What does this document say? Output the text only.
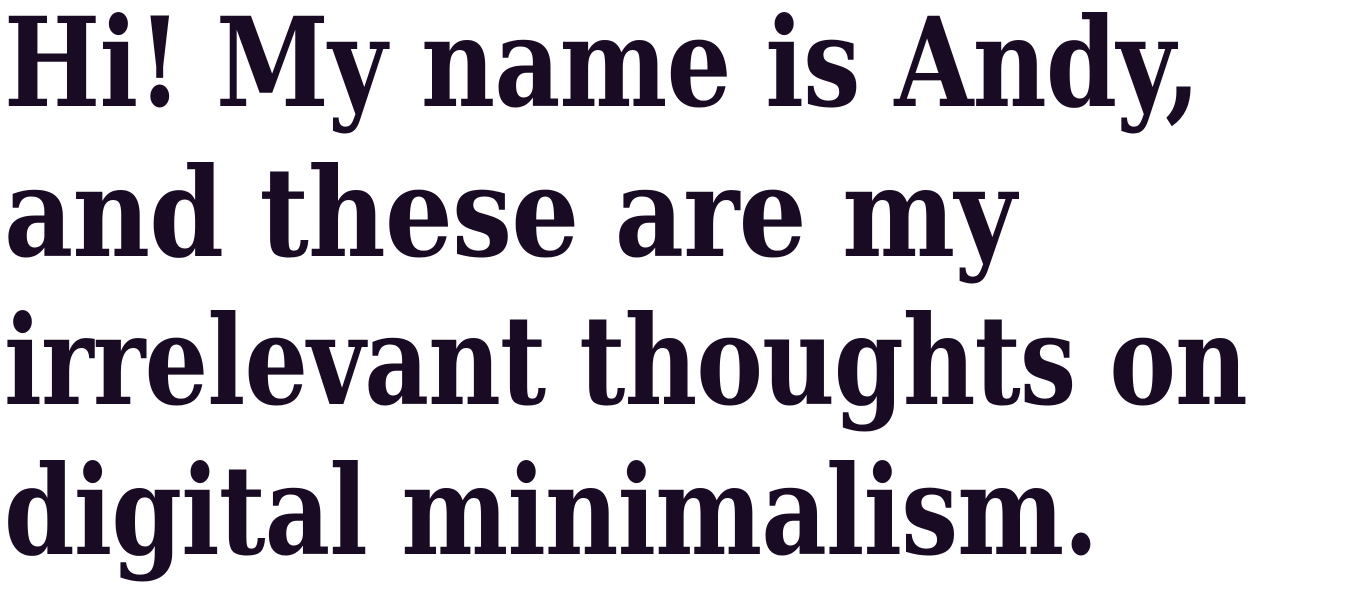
Hi! My name is Andy,
and these are my
irrelevant thoughts on
digital minimalism.
